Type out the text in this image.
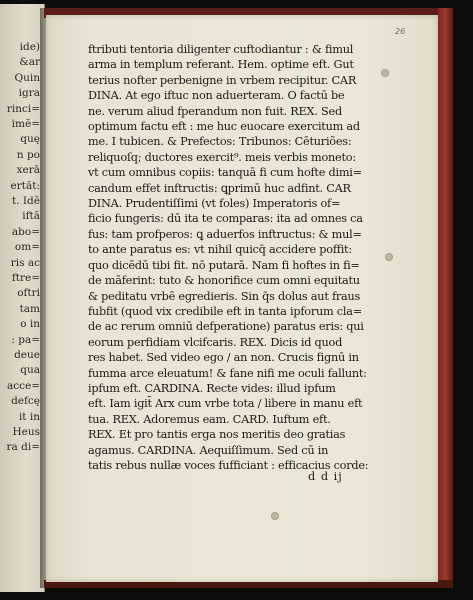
ide)
&ar
Quin
igra
rinci=
imĕ=
quę
n po
xerā
ertăt:
t. Idĕ
iftă
abo=
om=
ris ac
ftre=
oftri
tam
o in
: pa=
deue
qua
acce=
defcę
it in
Heus
ra di=
26
ftributi tentoria diligenter cuftodiantur : & fimul
arma in templum referant. Hem. optime eft. Gut
terius nofter perbenigne in vrbem recipitur. CAR
DINA. At ego iftuc non aduerteram. O factū be
ne. verum aliud fperandum non fuit. REX. Sed
optimum factu eft : me huc euocare exercitum ad
me. I tubicen. & Prefectos: Tribunos: Cēturiões:
reliquoſq; ductores exercit⁹. meis verbis moneto:
vt cum omnibus copiis: tanquā fi cum hofte dimi=
candum effet inftructis: ꝗprimū huc adfint. CAR
DINA. Prudentiſſimi (vt foles) Imperatoris of=
ficio fungeris: dū ita te comparas: ita ad omnes ca
fus: tam profperos: ꝗ aduerfos inftructus: & mul=
to ante paratus es: vt nihil quicq̄ accidere poffit:
quo dicēdū tibi fit. nō putarā. Nam fi hoftes in fi=
de māferint: tuto & honorifice cum omni equitatu
& peditatu vrbē egredieris. Sin q̄s dolus aut fraus
fubfit (quod vix credibile eft in tanta ipforum cla=
de ac rerum omniū defperatione) paratus eris: qui
eorum perfidiam vlcifcaris. REX. Dicis id quod
res habet. Sed video ego / an non. Crucis fignū in
fumma arce eleuatum! & fane nifi me oculi fallunt:
ipfum eft. CARDINA. Recte vides: illud ipfum
eft. Iam igit̄ Arx cum vrbe tota / libere in manu eft
tua. REX. Adoremus eam. CARD. Iuftum eft.
REX. Et pro tantis erga nos meritis deo gratias
agamus. CARDINA. Aequiſſimum. Sed cū in
tatis rebus nullæ voces fufficiant : efficacius corde:
d d ij
